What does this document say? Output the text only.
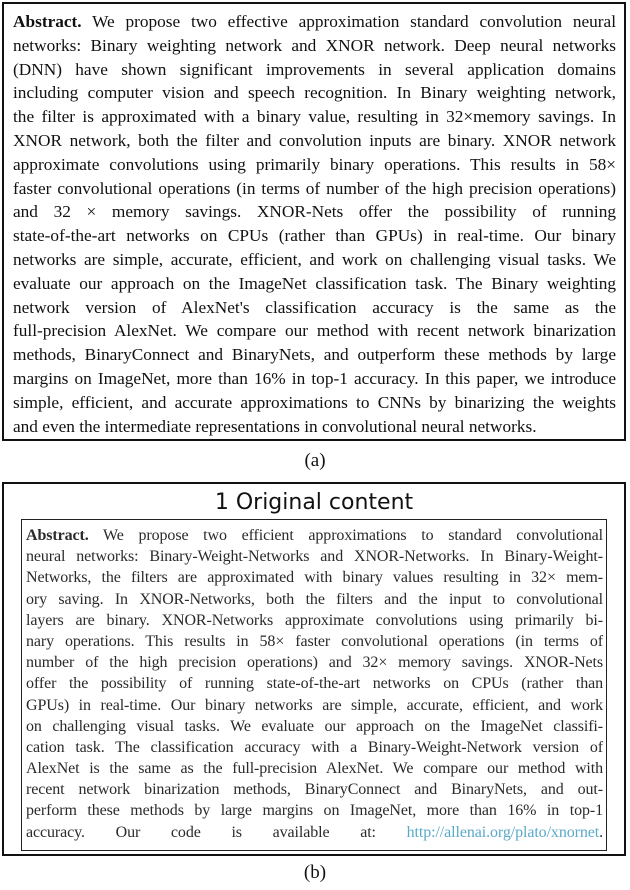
Abstract. We propose two effective approximation standard convolution neural
networks: Binary weighting network and XNOR network. Deep neural networks
(DNN) have shown significant improvements in several application domains
including computer vision and speech recognition. In Binary weighting network,
the filter is approximated with a binary value, resulting in 32×memory savings. In
XNOR network, both the filter and convolution inputs are binary. XNOR network
approximate convolutions using primarily binary operations. This results in 58×
faster convolutional operations (in terms of number of the high precision operations)
and 32 × memory savings. XNOR-Nets offer the possibility of running
state-of-the-art networks on CPUs (rather than GPUs) in real-time. Our binary
networks are simple, accurate, efficient, and work on challenging visual tasks. We
evaluate our approach on the ImageNet classification task. The Binary weighting
network version of AlexNet's classification accuracy is the same as the
full-precision AlexNet. We compare our method with recent network binarization
methods, BinaryConnect and BinaryNets, and outperform these methods by large
margins on ImageNet, more than 16% in top-1 accuracy. In this paper, we introduce
simple, efficient, and accurate approximations to CNNs by binarizing the weights
and even the intermediate representations in convolutional neural networks.
(a)
1 Original content
Abstract. We propose two efficient approximations to standard convolutional
neural networks: Binary-Weight-Networks and XNOR-Networks. In Binary-Weight-
Networks, the filters are approximated with binary values resulting in 32× mem-
ory saving. In XNOR-Networks, both the filters and the input to convolutional
layers are binary. XNOR-Networks approximate convolutions using primarily bi-
nary operations. This results in 58× faster convolutional operations (in terms of
number of the high precision operations) and 32× memory savings. XNOR-Nets
offer the possibility of running state-of-the-art networks on CPUs (rather than
GPUs) in real-time. Our binary networks are simple, accurate, efficient, and work
on challenging visual tasks. We evaluate our approach on the ImageNet classifi-
cation task. The classification accuracy with a Binary-Weight-Network version of
AlexNet is the same as the full-precision AlexNet. We compare our method with
recent network binarization methods, BinaryConnect and BinaryNets, and out-
perform these methods by large margins on ImageNet, more than 16% in top-1
accuracy. Our code is available at: http://allenai.org/plato/xnornet.
(b)
